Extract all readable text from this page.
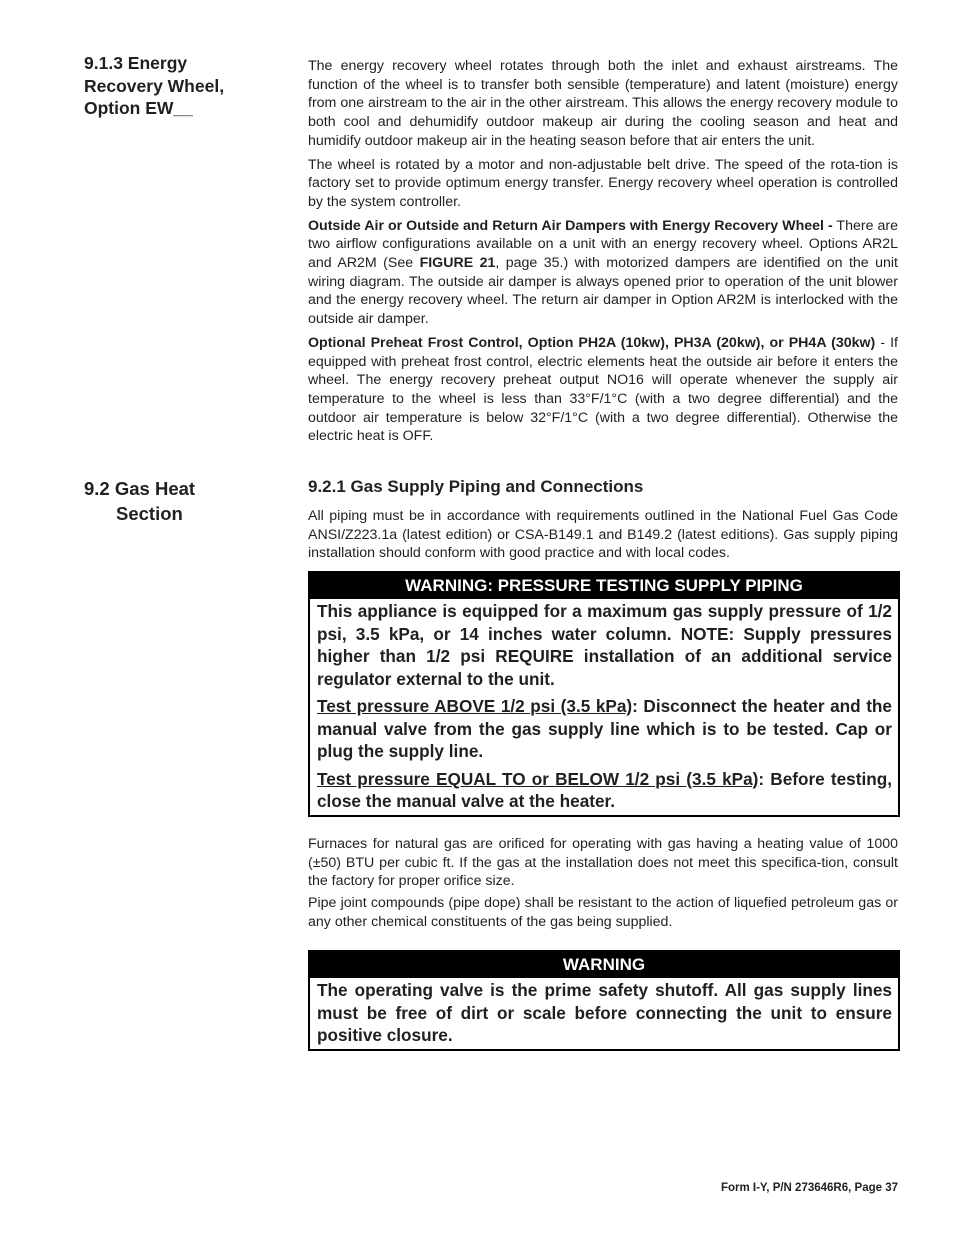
9.1.3 Energy
Recovery Wheel,
Option EW__

The energy recovery wheel rotates through both the inlet and exhaust airstreams. The function of the wheel is to transfer both sensible (temperature) and latent (moisture) energy from one airstream to the air in the other airstream. This allows the energy recovery module to both cool and dehumidify outdoor makeup air during the cooling season and heat and humidify outdoor makeup air in the heating season before that air enters the unit.

The wheel is rotated by a motor and non-adjustable belt drive. The speed of the rota-tion is factory set to provide optimum energy transfer. Energy recovery wheel operation is controlled by the system controller.

Outside Air or Outside and Return Air Dampers with Energy Recovery Wheel - There are two airflow configurations available on a unit with an energy recovery wheel. Options AR2L and AR2M (See FIGURE 21, page 35.) with motorized dampers are identified on the unit wiring diagram. The outside air damper is always opened prior to operation of the unit blower and the energy recovery wheel. The return air damper in Option AR2M is interlocked with the outside air damper.

Optional Preheat Frost Control, Option PH2A (10kw), PH3A (20kw), or PH4A (30kw) - If equipped with preheat frost control, electric elements heat the outside air before it enters the wheel. The energy recovery preheat output NO16 will operate whenever the supply air temperature to the wheel is less than 33°F/1°C (with a two degree differential) and the outdoor air temperature is below 32°F/1°C (with a two degree differential). Otherwise the electric heat is OFF.

9.2 Gas Heat
Section
9.2.1 Gas Supply Piping and Connections

All piping must be in accordance with requirements outlined in the National Fuel Gas Code ANSI/Z223.1a (latest edition) or CSA-B149.1 and B149.2 (latest editions). Gas supply piping installation should conform with good practice and with local codes.

WARNING: PRESSURE TESTING SUPPLY PIPING

This appliance is equipped for a maximum gas supply pressure of 1/2 psi, 3.5 kPa, or 14 inches water column. NOTE: Supply pressures higher than 1/2 psi REQUIRE installation of an additional service regulator external to the unit.

Test pressure ABOVE 1/2 psi (3.5 kPa): Disconnect the heater and the manual valve from the gas supply line which is to be tested. Cap or plug the supply line.

Test pressure EQUAL TO or BELOW 1/2 psi (3.5 kPa): Before testing, close the manual valve at the heater.

Furnaces for natural gas are orificed for operating with gas having a heating value of 1000 (±50) BTU per cubic ft. If the gas at the installation does not meet this specifica-tion, consult the factory for proper orifice size.

Pipe joint compounds (pipe dope) shall be resistant to the action of liquefied petroleum gas or any other chemical constituents of the gas being supplied.

WARNING

The operating valve is the prime safety shutoff. All gas supply lines must be free of dirt or scale before connecting the unit to ensure positive closure.

Form I-Y, P/N 273646R6, Page 37
